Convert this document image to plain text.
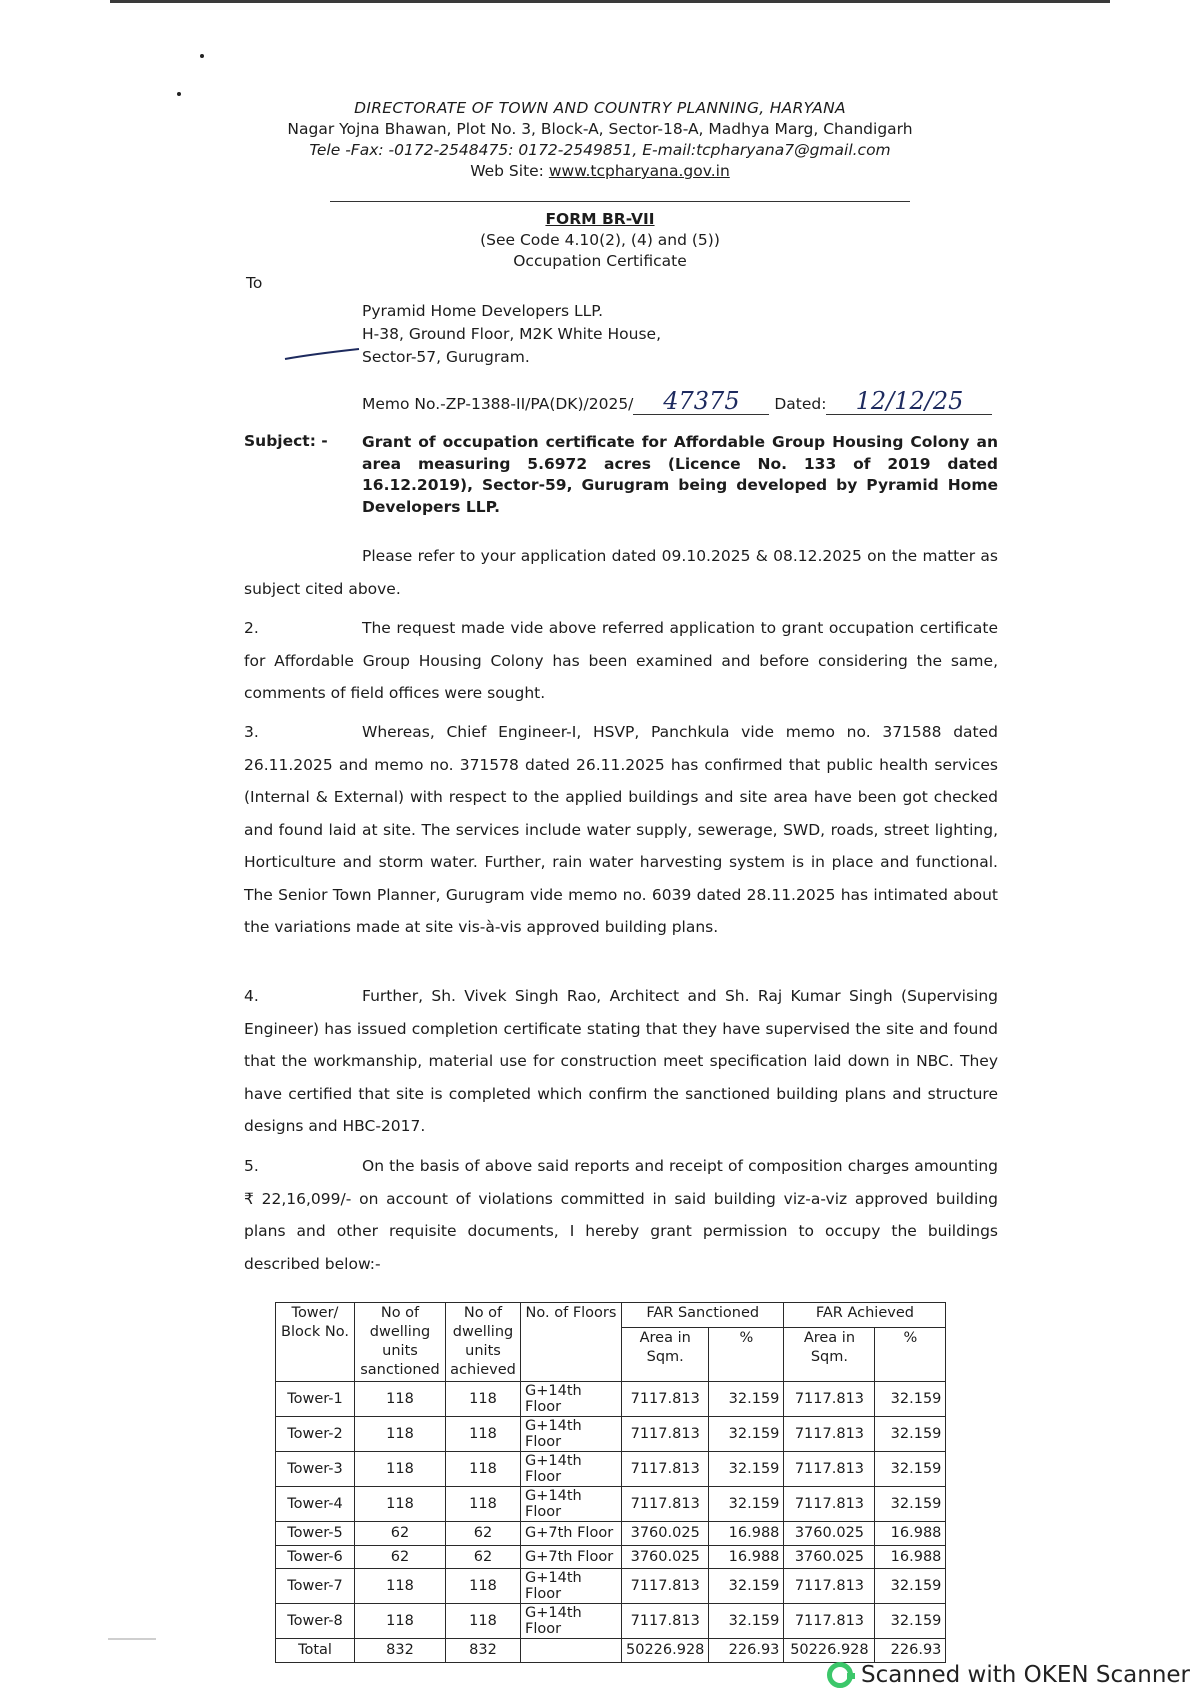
DIRECTORATE OF TOWN AND COUNTRY PLANNING, HARYANA
Nagar Yojna Bhawan, Plot No. 3, Block-A, Sector-18-A, Madhya Marg, Chandigarh
Tele -Fax: -0172-2548475: 0172-2549851, E-mail:tcpharyana7@gmail.com
Web Site: www.tcpharyana.gov.in
FORM BR-VII
(See Code 4.10(2), (4) and (5))
Occupation Certificate
To
Pyramid Home Developers LLP.
H-38, Ground Floor, M2K White House,
Sector-57, Gurugram.
Memo No.-ZP-1388-II/PA(DK)/2025/ 47375 Dated: 12/12/25
Subject: - Grant of occupation certificate for Affordable Group Housing Colony an area measuring 5.6972 acres (Licence No. 133 of 2019 dated 16.12.2019), Sector-59, Gurugram being developed by Pyramid Home Developers LLP.
Please refer to your application dated 09.10.2025 & 08.12.2025 on the matter as subject cited above.
2.	The request made vide above referred application to grant occupation certificate for Affordable Group Housing Colony has been examined and before considering the same, comments of field offices were sought.
3.	Whereas, Chief Engineer-I, HSVP, Panchkula vide memo no. 371588 dated 26.11.2025 and memo no. 371578 dated 26.11.2025 has confirmed that public health services (Internal & External) with respect to the applied buildings and site area have been got checked and found laid at site. The services include water supply, sewerage, SWD, roads, street lighting, Horticulture and storm water. Further, rain water harvesting system is in place and functional. The Senior Town Planner, Gurugram vide memo no. 6039 dated 28.11.2025 has intimated about the variations made at site vis-à-vis approved building plans.
4.	Further, Sh. Vivek Singh Rao, Architect and Sh. Raj Kumar Singh (Supervising Engineer) has issued completion certificate stating that they have supervised the site and found that the workmanship, material use for construction meet specification laid down in NBC. They have certified that site is completed which confirm the sanctioned building plans and structure designs and HBC-2017.
5.	On the basis of above said reports and receipt of composition charges amounting ₹ 22,16,099/- on account of violations committed in said building viz-a-viz approved building plans and other requisite documents, I hereby grant permission to occupy the buildings described below:-
Tower/ Block No.	No of dwelling units sanctioned	No of dwelling units achieved	No. of Floors	FAR Sanctioned		FAR Achieved	
				Area in Sqm.	%	Area in Sqm.	%
Tower-1	118	118	G+14th Floor	7117.813	32.159	7117.813	32.159
Tower-2	118	118	G+14th Floor	7117.813	32.159	7117.813	32.159
Tower-3	118	118	G+14th Floor	7117.813	32.159	7117.813	32.159
Tower-4	118	118	G+14th Floor	7117.813	32.159	7117.813	32.159
Tower-5	62	62	G+7th Floor	3760.025	16.988	3760.025	16.988
Tower-6	62	62	G+7th Floor	3760.025	16.988	3760.025	16.988
Tower-7	118	118	G+14th Floor	7117.813	32.159	7117.813	32.159
Tower-8	118	118	G+14th Floor	7117.813	32.159	7117.813	32.159
Total	832	832		50226.928	226.93	50226.928	226.93
Scanned with OKEN Scanner
